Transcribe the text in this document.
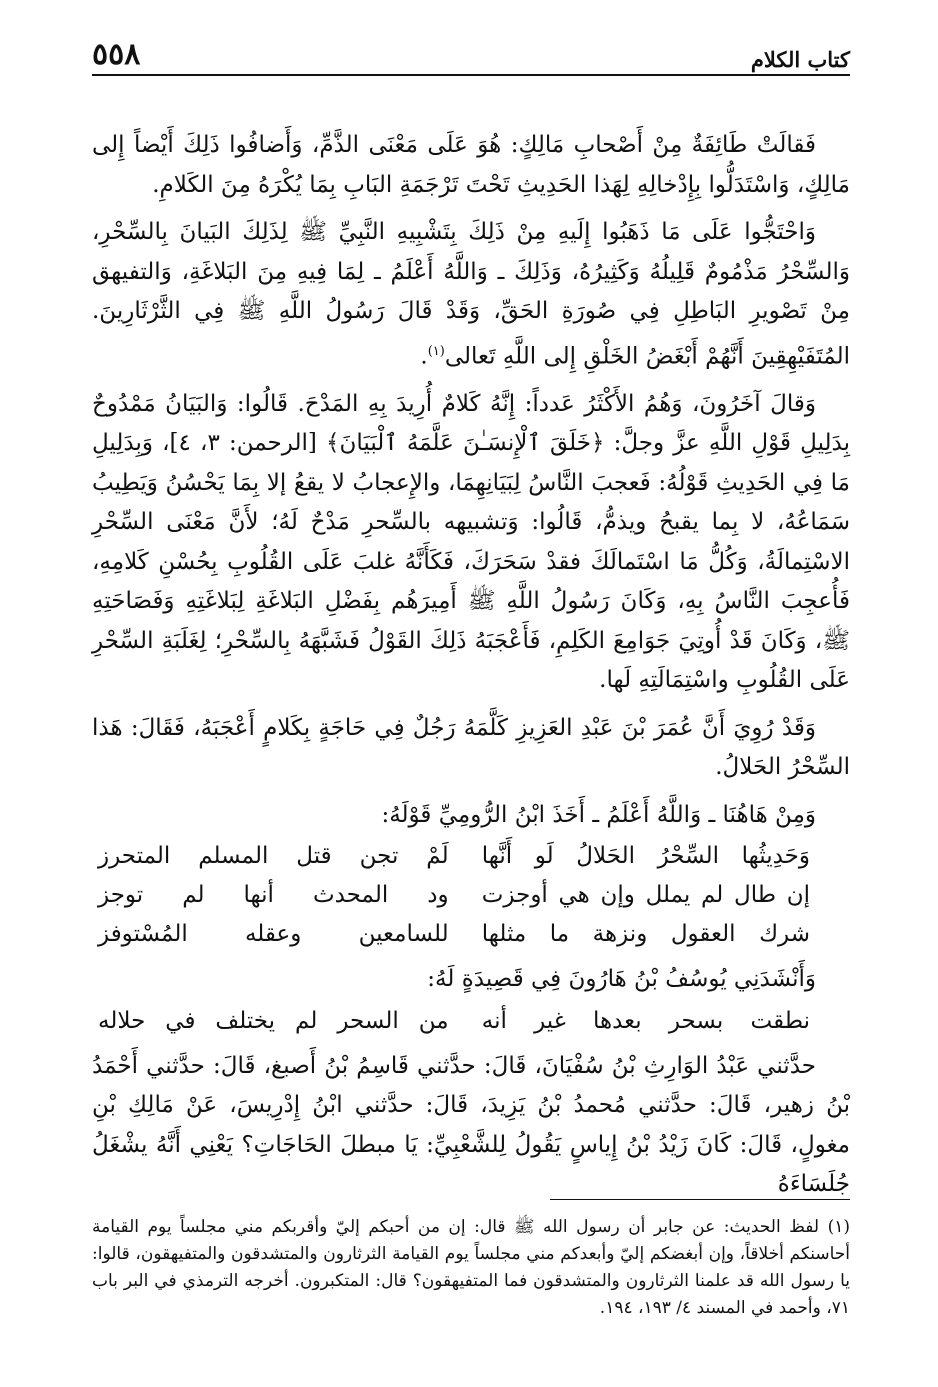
كتاب الكلام
٥٥٨

فَقالَتْ طَائِفَةٌ مِنْ أَصْحابِ مَالِكٍ: هُوَ عَلَى مَعْنَى الذَّمِّ، وَأَضافُوا ذَلِكَ أَيْضاً إِلى مَالِكٍ، وَاسْتَدَلُّوا بِإِدْخالِهِ لِهَذا الحَدِيثِ تَحْتَ تَرْجَمَةِ البَابِ بِمَا يُكْرَهُ مِنَ الكَلامِ.

وَاحْتَجُّوا عَلَى مَا ذَهَبُوا إِلَيهِ مِنْ ذَلِكَ بِتَشْبِيهِ النَّبِيِّ ﷺ لِذَلِكَ البَيانَ بِالسِّحْرِ، وَالسِّحْرُ مَذْمُومٌ قَلِيلُهُ وَكَثِيرُهُ، وَذَلِكَ ـ وَاللَّهُ أَعْلَمُ ـ لِمَا فِيهِ مِنَ البَلاغَةِ، وَالتفيهق مِنْ تَصْويرِ البَاطِلِ فِي صُورَةِ الحَقِّ، وَقَدْ قَالَ رَسُولُ اللَّهِ ﷺ فِي الثَّرْثَارِينَ. المُتَفَيْهِقِينَ أَنَّهُمْ أَبْغَضُ الخَلْقِ إِلى اللَّهِ تَعالى$^{(١)}$.

وَقالَ آخَرُونَ، وَهُمُ الأَكْثَرُ عَدداً: إِنَّهُ كَلامٌ أُرِيدَ بِهِ المَدْحَ. قَالُوا: وَالبَيَانُ مَمْدُوحٌ بِدَلِيلِ قَوْلِ اللَّهِ عزَّ وجلَّ: ﴿خَلَقَ ٱلْإِنسَـٰنَ عَلَّمَهُ ٱلْبَيَانَ﴾ [الرحمن: ٣، ٤]، وَبِدَلِيلِ مَا فِي الحَدِيثِ قَوْلُهُ: فَعجبَ النَّاسُ لِبَيَانِهِمَا، والإِعجابُ لا يقعُ إلا بِمَا يَحْسُنُ وَيَطِيبُ سَمَاعُهُ، لا بِما يقبحُ ويذمُّ، قَالُوا: وَتشبيهه بالسِّحرِ مَدْحٌ لَهُ؛ لأَنَّ مَعْنَى السِّحْرِ الاسْتِمالَةُ، وَكُلُّ مَا اسْتَمالَكَ فقدْ سَحَرَكَ، فَكَأَنَّهُ غلبَ عَلَى القُلُوبِ بِحُسْنِ كَلامِهِ، فَأُعجِبَ النَّاسُ بِهِ، وَكَانَ رَسُولُ اللَّهِ ﷺ أَمِيرَهُم بِفَضْلِ البَلاغَةِ لِبَلاغَتِهِ وَفَصَاحَتِهِ ﷺ، وَكَانَ قَدْ أُوتِيَ جَوَامِعَ الكَلِمِ، فَأَعْجَبَهُ ذَلِكَ القَوْلُ فَشَبَّهَهُ بِالسِّحْرِ؛ لِغَلَبَةِ السِّحْرِ عَلَى القُلُوبِ واسْتِمَالَتِهِ لَها.

وَقَدْ رُوِيَ أَنَّ عُمَرَ بْنَ عَبْدِ العَزِيزِ كَلَّمَهُ رَجُلٌ فِي حَاجَةٍ بِكَلامٍ أَعْجَبَهُ، فَقَالَ: هَذا السِّحْرُ الحَلالُ.

وَمِنْ هَاهُنَا ـ وَاللَّهُ أَعْلَمُ ـ أَخَذَ ابْنُ الرُّومِيِّ قَوْلَهُ:

وَحَدِيثُها السِّحْرُ الحَلالُ لَو أَنَّها
لَمْ تجن قتل المسلم المتحرز
إن طال لم يملل وإن هي أوجزت
ود المحدث أنها لم توجز
شرك العقول ونزهة ما مثلها
للسامعين وعقله المُسْتوفز

وَأَنْشَدَنِي يُوسُفُ بْنُ هَارُونَ فِي قَصِيدَةٍ لَهُ:

نطقت بسحر بعدها غير أنه
من السحر لم يختلف في حلاله

حدَّثني عَبْدُ الوَارِثِ بْنُ سُفْيَانَ، قَالَ: حدَّثني قَاسِمُ بْنُ أَصبغ، قَالَ: حدَّثني أَحْمَدُ بْنُ زهير، قَالَ: حدَّثني مُحمدُ بْنُ يَزِيدَ، قَالَ: حدَّثني ابْنُ إِدْرِيسَ، عَنْ مَالِكِ بْنِ مغولٍ، قَالَ: كَانَ زَيْدُ بْنُ إِياسٍ يَقُولُ لِلشَّعْبِيِّ: يَا مبطلَ الحَاجَاتِ؟ يَعْنِي أَنَّهُ يشْغَلُ جُلَسَاءَهُ

(١) لفظ الحديث: عن جابر أن رسول الله ﷺ قال: إن من أحبكم إليّ وأقربكم مني مجلساً يوم القيامة أحاسنكم أخلاقاً، وإن أبغضكم إليّ وأبعدكم مني مجلساً يوم القيامة الثرثارون والمتشدقون والمتفيهقون، قالوا: يا رسول الله قد علمنا الثرثارون والمتشدقون فما المتفيهقون؟ قال: المتكبرون. أخرجه الترمذي في البر باب ٧١، وأحمد في المسند ٤/ ١٩٣، ١٩٤.
